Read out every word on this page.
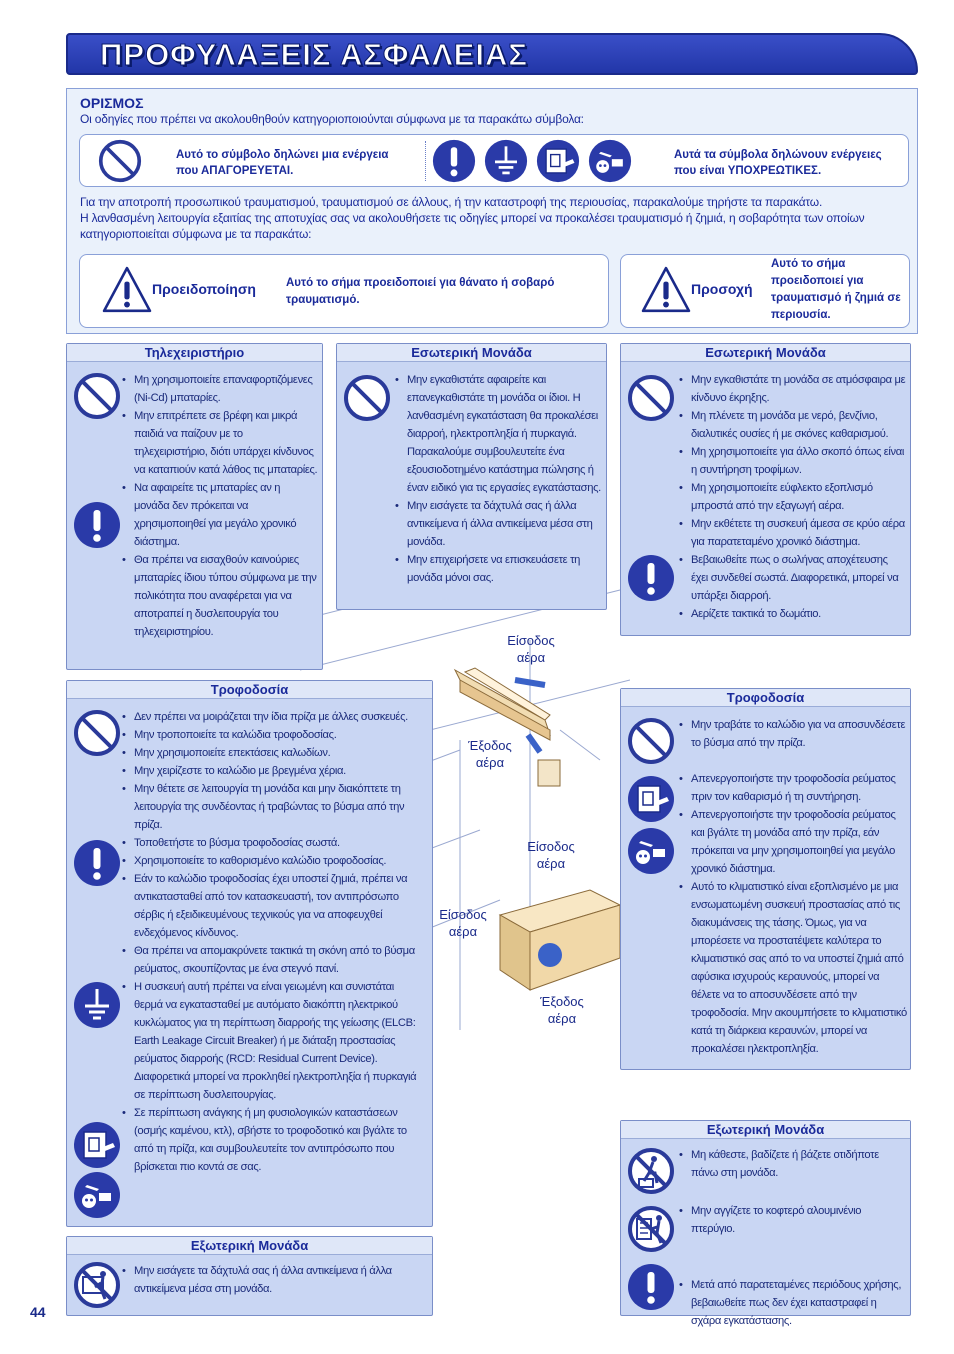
ΠΡΟΦΥΛΑΞΕΙΣ ΑΣΦΑΛΕΙΑΣ
ΟΡΙΣΜΟΣ
Οι οδηγίες που πρέπει να ακολουθηθούν κατηγοριοποιούνται σύμφωνα με τα παρακάτω σύμβολα:
Αυτό το σύμβολο δηλώνει μια ενέργεια που ΑΠΑΓΟΡΕΥΕΤΑΙ.
Αυτά τα σύμβολα δηλώνουν ενέργειες που είναι ΥΠΟΧΡΕΩΤΙΚΕΣ.

Για την αποτροπή προσωπικού τραυματισμού, τραυματισμού σε άλλους, ή την καταστροφή της περιουσίας, παρακαλούμε τηρήστε τα παρακάτω.

Η λανθασμένη λειτουργία εξαιτίας της αποτυχίας σας να ακολουθήσετε τις οδηγίες μπορεί να προκαλέσει τραυματισμό ή ζημιά, η σοβαρότητα των οποίων

κατηγοριοποιείται σύμφωνα με τα παρακάτω:

Προειδοποίηση	Αυτό το σήμα προειδοποιεί για θάνατο ή σοβαρό τραυματισμό.
Προσοχή
Αυτό το σήμα προειδοποιεί για τραυματισμό ή ζημιά σε περιουσία.
Είσοδος αέρα
Έξοδος αέρα
Είσοδος αέρα
Είσοδος αέρα
Έξοδος αέρα
Τηλεχειριστήριο
• Μη χρησιμοποιείτε επαναφορτιζόμενες (Ni-Cd) μπαταρίες.
• Μην επιτρέπετε σε βρέφη και μικρά παιδιά να παίζουν με το τηλεχειριστήριο, διότι υπάρχει κίνδυνος να καταπιούν κατά λάθος τις μπαταρίες.
• Να αφαιρείτε τις μπαταρίες αν η μονάδα δεν πρόκειται να χρησιμοποιηθεί για μεγάλο χρονικό διάστημα.
• Θα πρέπει να εισαχθούν καινούριες μπαταρίες ίδιου τύπου σύμφωνα με την πολικότητα που αναφέρεται για να αποτραπεί η δυσλειτουργία του τηλεχειριστηρίου.
Εσωτερική Μονάδα
• Μην εγκαθιστάτε αφαιρείτε και επανεγκαθιστάτε τη μονάδα οι ίδιοι. Η λανθασμένη εγκατάσταση θα προκαλέσει διαρροή, ηλεκτροπληξία ή πυρκαγιά. Παρακαλούμε συμβουλευτείτε ένα εξουσιοδοτημένο κατάστημα πώλησης ή έναν ειδικό για τις εργασίες εγκατάστασης.
• Μην εισάγετε τα δάχτυλά σας ή άλλα αντικείμενα ή άλλα αντικείμενα μέσα στη μονάδα.
• Μην επιχειρήσετε να επισκευάσετε τη μονάδα μόνοι σας.
Εσωτερική Μονάδα
• Μην εγκαθιστάτε τη μονάδα σε ατμόσφαιρα με κίνδυνο έκρηξης.
• Μη πλένετε τη μονάδα με νερό, βενζίνιο, διαλυτικές ουσίες ή με σκόνες καθαρισμού.
• Μη χρησιμοποιείτε για άλλο σκοπό όπως είναι η συντήρηση τροφίμων.
• Μη χρησιμοποιείτε εύφλεκτο εξοπλισμό μπροστά από την εξαγωγή αέρα.
• Μην εκθέτετε τη συσκευή άμεσα σε κρύο αέρα για παρατεταμένο χρονικό διάστημα.
• Βεβαιωθείτε πως ο σωλήνας αποχέτευσης έχει συνδεθεί σωστά. Διαφορετικά, μπορεί να υπάρξει διαρροή.
• Αερίζετε τακτικά το δωμάτιο.
Τροφοδοσία
• Δεν πρέπει να μοιράζεται την ίδια πρίζα με άλλες συσκευές.
• Μην τροποποιείτε τα καλώδια τροφοδοσίας.
• Μην χρησιμοποιείτε επεκτάσεις καλωδίων.
• Μην χειρίζεστε το καλώδιο με βρεγμένα χέρια.
• Μην θέτετε σε λειτουργία τη μονάδα και μην διακόπτετε τη λειτουργία της συνδέοντας ή τραβώντας το βύσμα από την πρίζα.
• Τοποθετήστε το βύσμα τροφοδοσίας σωστά.
• Χρησιμοποιείτε το καθορισμένο καλώδιο τροφοδοσίας.
• Εάν το καλώδιο τροφοδοσίας έχει υποστεί ζημιά, πρέπει να αντικατασταθεί από τον κατασκευαστή, τον αντιπρόσωπο σέρβις ή εξειδικευμένους τεχνικούς για να αποφευχθεί ενδεχόμενος κίνδυνος.
• Θα πρέπει να απομακρύνετε τακτικά τη σκόνη από το βύσμα ρεύματος, σκουπίζοντας με ένα στεγνό πανί.
• Η συσκευή αυτή πρέπει να είναι γειωμένη και συνιστάται θερμά να εγκατασταθεί με αυτόματο διακόπτη ηλεκτρικού κυκλώματος για τη περίπτωση διαρροής της γείωσης (ELCB: Earth Leakage Circuit Breaker) ή με διάταξη προστασίας ρεύματος διαρροής (RCD: Residual Current Device). Διαφορετικά μπορεί να προκληθεί ηλεκτροπληξία ή πυρκαγιά σε περίπτωση δυσλειτουργίας.
• Σε περίπτωση ανάγκης ή μη φυσιολογικών καταστάσεων (οσμής καμένου, κτλ), σβήστε το τροφοδοτικό και βγάλτε το από τη πρίζα, και συμβουλευτείτε τον αντιπρόσωπο που βρίσκεται πιο κοντά σε σας.
Εξωτερική Μονάδα
• Μην εισάγετε τα δάχτυλά σας ή άλλα αντικείμενα ή άλλα αντικείμενα μέσα στη μονάδα.
Τροφοδοσία
• Μην τραβάτε το καλώδιο για να αποσυνδέσετε το βύσμα από την πρίζα.
• Απενεργοποιήστε την τροφοδοσία ρεύματος πριν τον καθαρισμό ή τη συντήρηση.
• Απενεργοποιήστε την τροφοδοσία ρεύματος και βγάλτε τη μονάδα από την πρίζα, εάν πρόκειται να μην χρησιμοποιηθεί για μεγάλο χρονικό διάστημα.
• Αυτό το κλιματιστικό είναι εξοπλισμένο με μια ενσωματωμένη συσκευή προστασίας από τις διακυμάνσεις της τάσης. Όμως, για να μπορέσετε να προστατέψετε καλύτερα το κλιματιστικό σας από το να υποστεί ζημιά από αφύσικα ισχυρούς κεραυνούς, μπορεί να θέλετε να το αποσυνδέσετε από την τροφοδοσία. Μην ακουμπήσετε το κλιματιστικό κατά τη διάρκεια κεραυνών, μπορεί να προκαλέσει ηλεκτροπληξία.
Εξωτερική Μονάδα
• Μη κάθεστε, βαδίζετε ή βάζετε οτιδήποτε πάνω στη μονάδα.
• Μην αγγίζετε το κοφτερό αλουμινένιο πτερύγιο.
• Μετά από παρατεταμένες περιόδους χρήσης, βεβαιωθείτε πως δεν έχει καταστραφεί η σχάρα εγκατάστασης.
44
